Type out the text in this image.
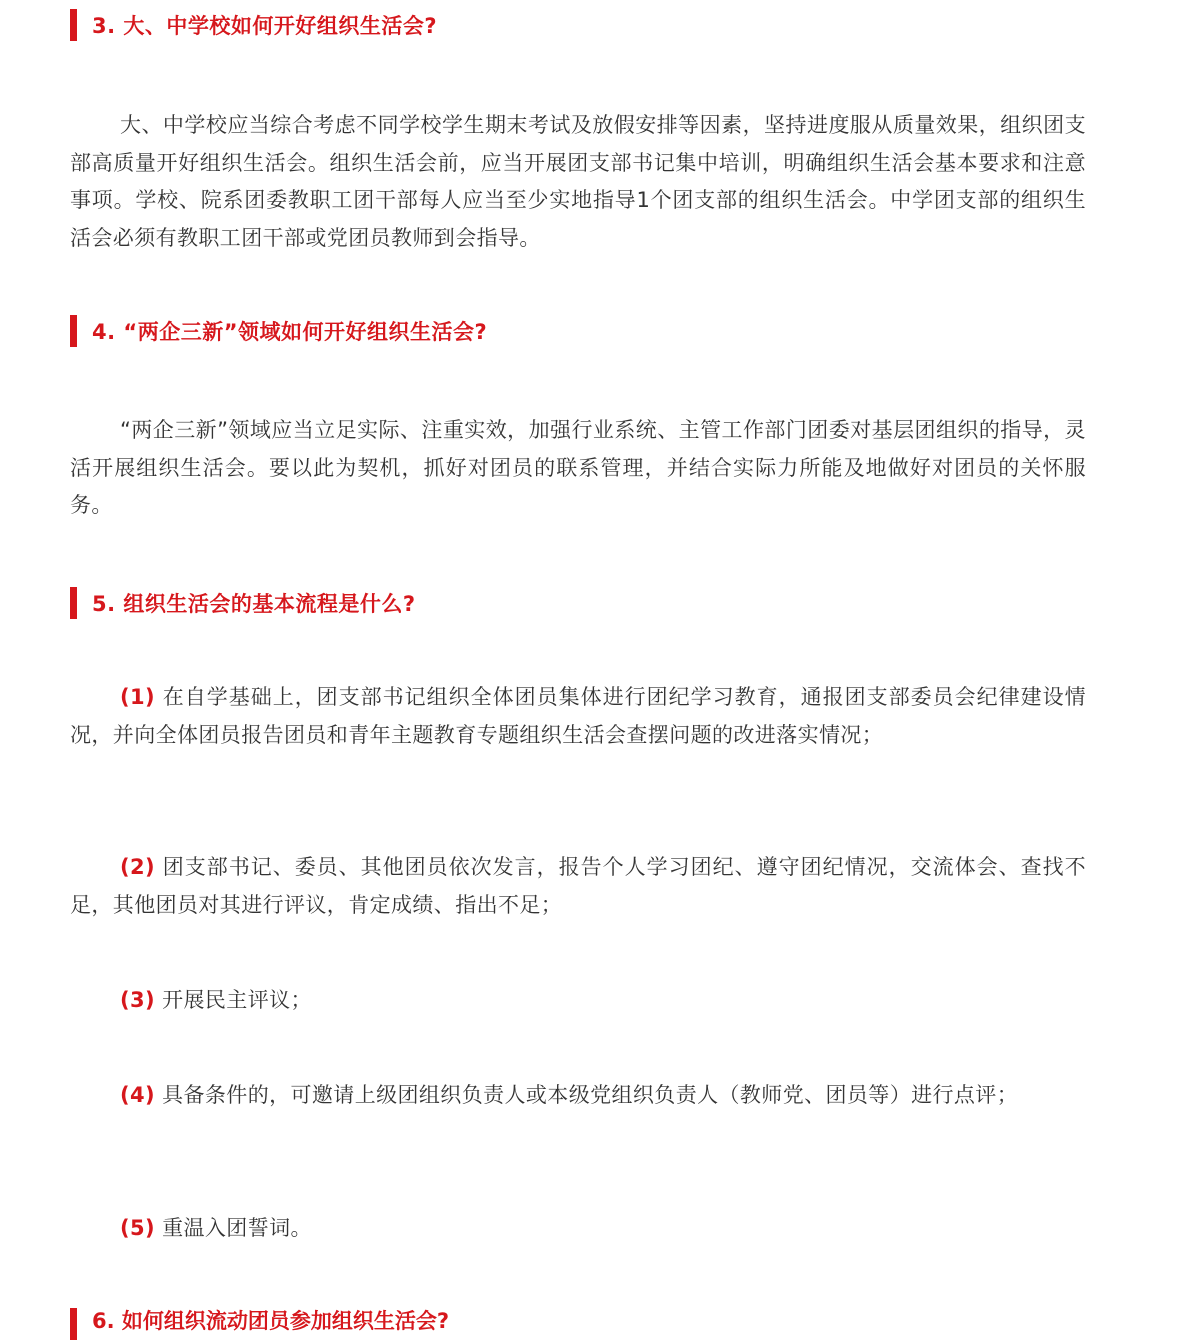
3. 大、中学校如何开好组织生活会?

大、中学校应当综合考虑不同学校学生期末考试及放假安排等因素，坚持进度服从质量效果，组织团支部高质量开好组织生活会。组织生活会前，应当开展团支部书记集中培训，明确组织生活会基本要求和注意事项。学校、院系团委教职工团干部每人应当至少实地指导1个团支部的组织生活会。中学团支部的组织生活会必须有教职工团干部或党团员教师到会指导。

4. “两企三新”领域如何开好组织生活会?

“两企三新”领域应当立足实际、注重实效，加强行业系统、主管工作部门团委对基层团组织的指导，灵活开展组织生活会。要以此为契机，抓好对团员的联系管理，并结合实际力所能及地做好对团员的关怀服务。

5. 组织生活会的基本流程是什么?

(1) 在自学基础上，团支部书记组织全体团员集体进行团纪学习教育，通报团支部委员会纪律建设情况，并向全体团员报告团员和青年主题教育专题组织生活会查摆问题的改进落实情况；

(2) 团支部书记、委员、其他团员依次发言，报告个人学习团纪、遵守团纪情况，交流体会、查找不足，其他团员对其进行评议，肯定成绩、指出不足；

(3) 开展民主评议；

(4) 具备条件的，可邀请上级团组织负责人或本级党组织负责人（教师党、团员等）进行点评；

(5) 重温入团誓词。

6. 如何组织流动团员参加组织生活会?
